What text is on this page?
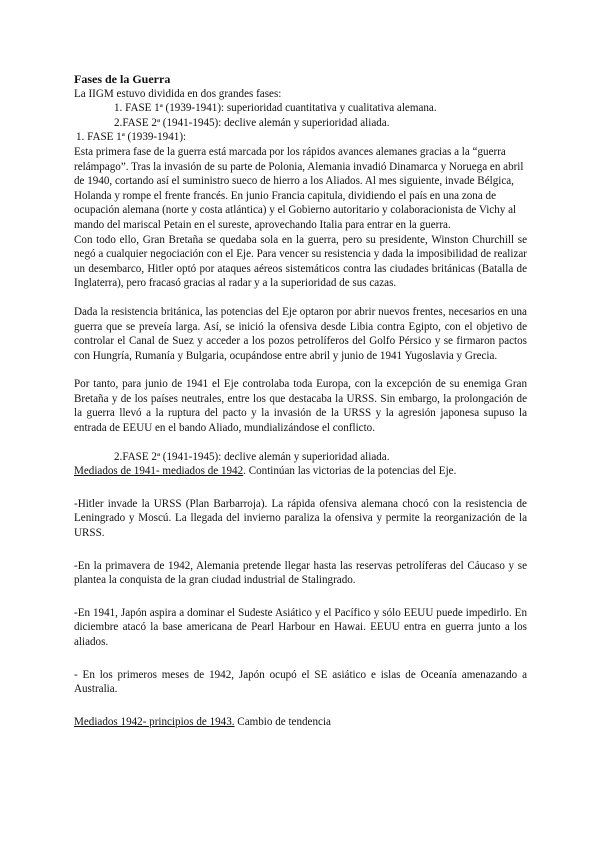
Fases de la Guerra

La IIGM estuvo dividida en dos grandes fases:

1. FASE 1ª (1939-1941): superioridad cuantitativa y cualitativa alemana.

2.FASE 2ª (1941-1945): declive alemán y superioridad aliada.

1. FASE 1ª (1939-1941):

Esta primera fase de la guerra está marcada por los rápidos avances alemanes gracias a la “guerra relámpago”. Tras la invasión de su parte de Polonia, Alemania invadió Dinamarca y Noruega en abril de 1940, cortando así el suministro sueco de hierro a los Aliados. Al mes siguiente, invade Bélgica, Holanda y rompe el frente francés. En junio Francia capitula, dividiendo el país en una zona de ocupación alemana (norte y costa atlántica) y el Gobierno autoritario y colaboracionista de Vichy al mando del mariscal Petain en el sureste, aprovechando Italia para entrar en la guerra.

Con todo ello, Gran Bretaña se quedaba sola en la guerra, pero su presidente, Winston Churchill se negó a cualquier negociación con el Eje. Para vencer su resistencia y dada la imposibilidad de realizar un desembarco, Hitler optó por ataques aéreos sistemáticos contra las ciudades británicas (Batalla de Inglaterra), pero fracasó gracias al radar y a la superioridad de sus cazas.

Dada la resistencia británica, las potencias del Eje optaron por abrir nuevos frentes, necesarios en una guerra que se preveía larga. Así, se inició la ofensiva desde Libia contra Egipto, con el objetivo de controlar el Canal de Suez y acceder a los pozos petrolíferos del Golfo Pérsico y se firmaron pactos con Hungría, Rumanía y Bulgaria, ocupándose entre abril y junio de 1941 Yugoslavia y Grecia.

Por tanto, para junio de 1941 el Eje controlaba toda Europa, con la excepción de su enemiga Gran Bretaña y de los países neutrales, entre los que destacaba la URSS. Sin embargo, la prolongación de la guerra llevó a la ruptura del pacto y la invasión de la URSS y la agresión japonesa supuso la entrada de EEUU en el bando Aliado, mundializándose el conflicto.

2.FASE 2ª (1941-1945): declive alemán y superioridad aliada.

Mediados de 1941- mediados de 1942. Continúan las victorias de la potencias del Eje.

-Hitler invade la URSS (Plan Barbarroja). La rápida ofensiva alemana chocó con la resistencia de Leningrado y Moscú. La llegada del invierno paraliza la ofensiva y permite la reorganización de la URSS.

-En la primavera de 1942, Alemania pretende llegar hasta las reservas petrolíferas del Cáucaso y se plantea la conquista de la gran ciudad industrial de Stalingrado.

-En 1941, Japón aspira a dominar el Sudeste Asiático y el Pacífico y sólo EEUU puede impedirlo. En diciembre atacó la base americana de Pearl Harbour en Hawai. EEUU entra en guerra junto a los aliados.

- En los primeros meses de 1942, Japón ocupó el SE asiático e islas de Oceanía amenazando a Australia.

Mediados 1942- principios de 1943. Cambio de tendencia
